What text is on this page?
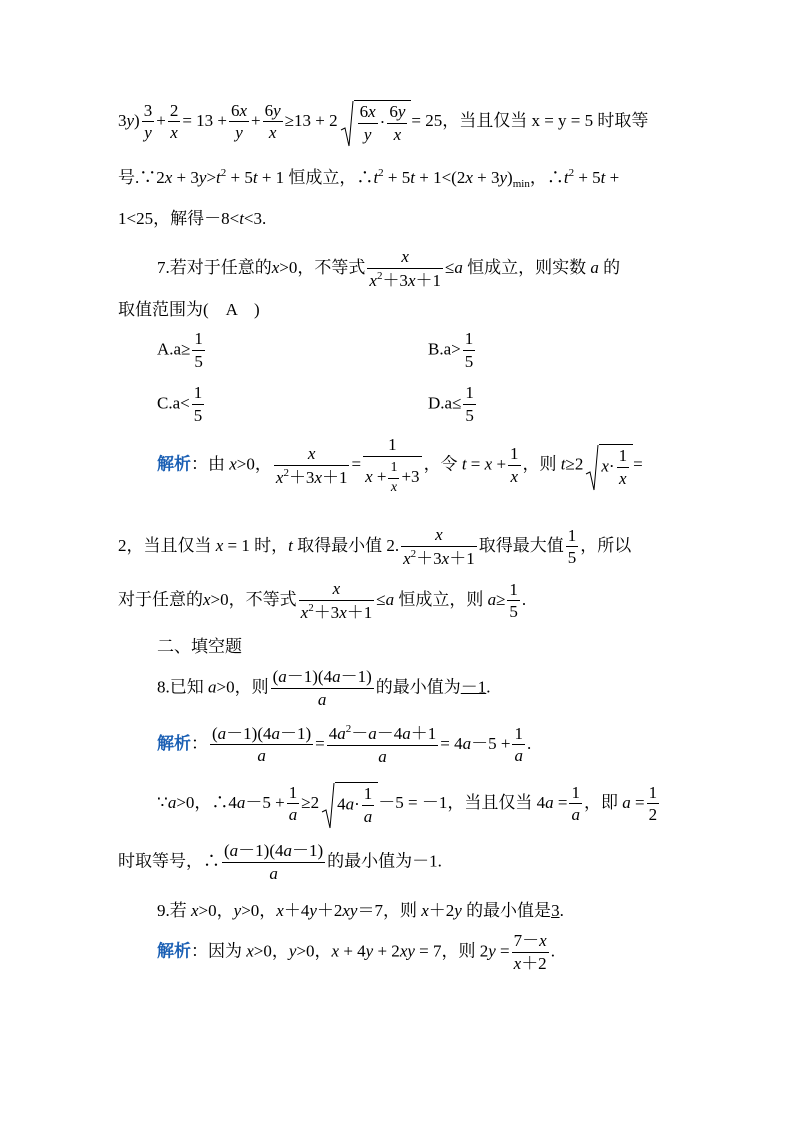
$3y) \frac{3}{y} + \frac{2}{x} = 13 + \frac{6x}{y} + \frac{6y}{x} \ge 13 + 2 \frac{6x}{y} \cdot \frac{6y}{x} = 25$，当且仅当 x = y = 5 时取等
号.∵2x + $3y>t^2 + 5t + 1$ 恒成立，$\therefore t^2 + 5t + 1<(2x + 3y)_{min}$，$\therefore t^2 + 5t$ +
1<25，解得－8<t<3.
7.若对于任意的x>0，不等式 $\frac{x}{x^2+3x+1} \le a$ 恒成立，则实数 a 的
取值范围为(　A　)
$A.a\ge \frac{1}{5}$	$B.a> \frac{1}{5}$
$C.a< \frac{1}{5}$	$D.a\le \frac{1}{5}$
解析：由 x>0， $\frac{x}{x^2+3x+1} = \frac{1}{x + \frac{1}{x} +3}$ ，令 $t = x + \frac{1}{x}$ ，则 t≥2 $x\cdot \frac{1}{x}$ =
2，当且仅当 x = 1 时，t 取得最小值 2. $\frac{x}{x^2+3x+1}$ 取得最大值 $\frac{1}{5}$ ，所以
对于任意的x>0，不等式 $\frac{x}{x^2+3x+1} \le a$ 恒成立，则 $a\ge \frac{1}{5}$ .
二、填空题
8.已知 a>0，则 $\frac{(a-1)(4a-1)}{a}$ 的最小值为－1.
解析： $\frac{(a-1)(4a-1)}{a} = \frac{4a^2-a-4a+1}{a} = 4a-5 + \frac{1}{a}$ .
∵a>0，∴4a－5 + $\frac{1}{a} \ge 2$ $4a\cdot \frac{1}{a} -5 = -1$，当且仅当 $4a = \frac{1}{a}$ ，即 $a = \frac{1}{2}$
时取等号，∴ $\frac{(a-1)(4a-1)}{a}$ 的最小值为－1.
9.若 x>0，y>0，x＋4y＋2xy＝7，则 x＋2y 的最小值是3.
解析：因为 x>0，y>0，x + 4y + 2xy = 7，则 $2y = \frac{7-x}{x+2}$ .
